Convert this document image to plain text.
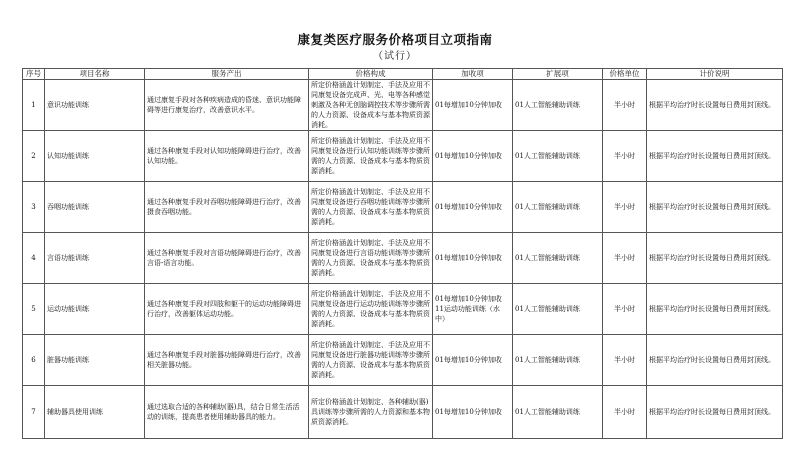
康复类医疗服务价格项目立项指南
（试行）
序号	项目名称	服务产出	价格构成	加收项	扩展项	价格单位	计价说明
1	意识功能训练	通过康复手段对各种疾病造成的昏迷、意识功能障碍等进行康复治疗，改善意识水平。	所定价格涵盖计划制定、手法及应用不同康复设备完成声、光、电等各种感觉刺激及各种无创脑调控技术等步骤所需的人力资源、设备成本与基本物质资源消耗。	01每增加10分钟加收	01人工智能辅助训练	半小时	根据平均治疗时长设置每日费用封顶线。
2	认知功能训练	通过各种康复手段对认知功能障碍进行治疗，改善认知功能。	所定价格涵盖计划制定、手法及应用不同康复设备进行认知功能训练等步骤所需的人力资源、设备成本与基本物质资源消耗。	01每增加10分钟加收	01人工智能辅助训练	半小时	根据平均治疗时长设置每日费用封顶线。
3	吞咽功能训练	通过各种康复手段对吞咽功能障碍进行治疗，改善摄食吞咽功能。	所定价格涵盖计划制定、手法及应用不同康复设备进行吞咽功能训练等步骤所需的人力资源、设备成本与基本物质资源消耗。	01每增加10分钟加收	01人工智能辅助训练	半小时	根据平均治疗时长设置每日费用封顶线。
4	言语功能训练	通过各种康复手段对言语功能障碍进行治疗，改善言语-语言功能。	所定价格涵盖计划制定、手法及应用不同康复设备进行言语功能训练等步骤所需的人力资源、设备成本与基本物质资源消耗。	01每增加10分钟加收	01人工智能辅助训练	半小时	根据平均治疗时长设置每日费用封顶线。
5	运动功能训练	通过各种康复手段对四肢和躯干的运动功能障碍进行治疗，改善躯体运动功能。	所定价格涵盖计划制定、手法及应用不同康复设备进行运动功能训练等步骤所需的人力资源、设备成本与基本物质资源消耗。	01每增加10分钟加收 11运动功能训练（水中）	01人工智能辅助训练	半小时	根据平均治疗时长设置每日费用封顶线。
6	脏器功能训练	通过各种康复手段对脏器功能障碍进行治疗，改善相关脏器功能。	所定价格涵盖计划制定、手法及应用不同康复设备进行脏器功能训练等步骤所需的人力资源、设备成本与基本物质资源消耗。	01每增加10分钟加收	01人工智能辅助训练	半小时	根据平均治疗时长设置每日费用封顶线。
7	辅助器具使用训练	通过选取合适的各种辅助(器)具，结合日常生活活动的训练，提高患者使用辅助器具的能力。	所定价格涵盖计划制定、各种辅助(器)具训练等步骤所需的人力资源和基本物质资源消耗。	01每增加10分钟加收	01人工智能辅助训练	半小时	根据平均治疗时长设置每日费用封顶线。
